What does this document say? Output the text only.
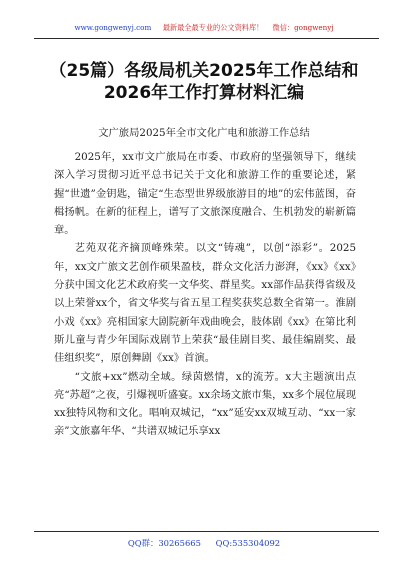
www.gongwenyj.com 最新最全最专业的公文资料库！ 微信：gongwenyj
（25篇）各级局机关2025年工作总结和
2026年工作打算材料汇编
文广旅局2025年全市文化广电和旅游工作总结

2025年，xx市文广旅局在市委、市政府的坚强领导下，继续深入学习贯彻习近平总书记关于文化和旅游工作的重要论述，紧握“世遗”金钥匙，锚定“生态型世界级旅游目的地”的宏伟蓝图，奋楫扬帆。在新的征程上，谱写了文旅深度融合、生机勃发的崭新篇章。

艺苑双花齐摘顶峰殊荣。以文“铸魂”，以创“添彩”。2025年，xx文广旅文艺创作硕果盈枝，群众文化活力澎湃，《xx》《xx》分获中国文化艺术政府奖一文华奖、群星奖。xx部作品获得省级及以上荣誉xx个，省文华奖与省五星工程奖获奖总数全省第一。淮剧小戏《xx》亮相国家大剧院新年戏曲晚会，肢体剧《xx》在第比利斯儿童与青少年国际戏剧节上荣获“最佳剧目奖、最佳编剧奖、最佳组织奖”，原创舞剧《xx》首演。

“文旅+xx”燃动全域。绿茵燃情，x的流芳。x大主题演出点亮“苏超”之夜，引爆视听盛宴。xx余场文旅市集，xx多个展位展现xx独特风物和文化。唱响双城记，“xx”延安xx双城互动、“xx一家亲”文旅嘉年华、“共谱双城记乐享xx

QQ群：30265665 QQ:535304092
